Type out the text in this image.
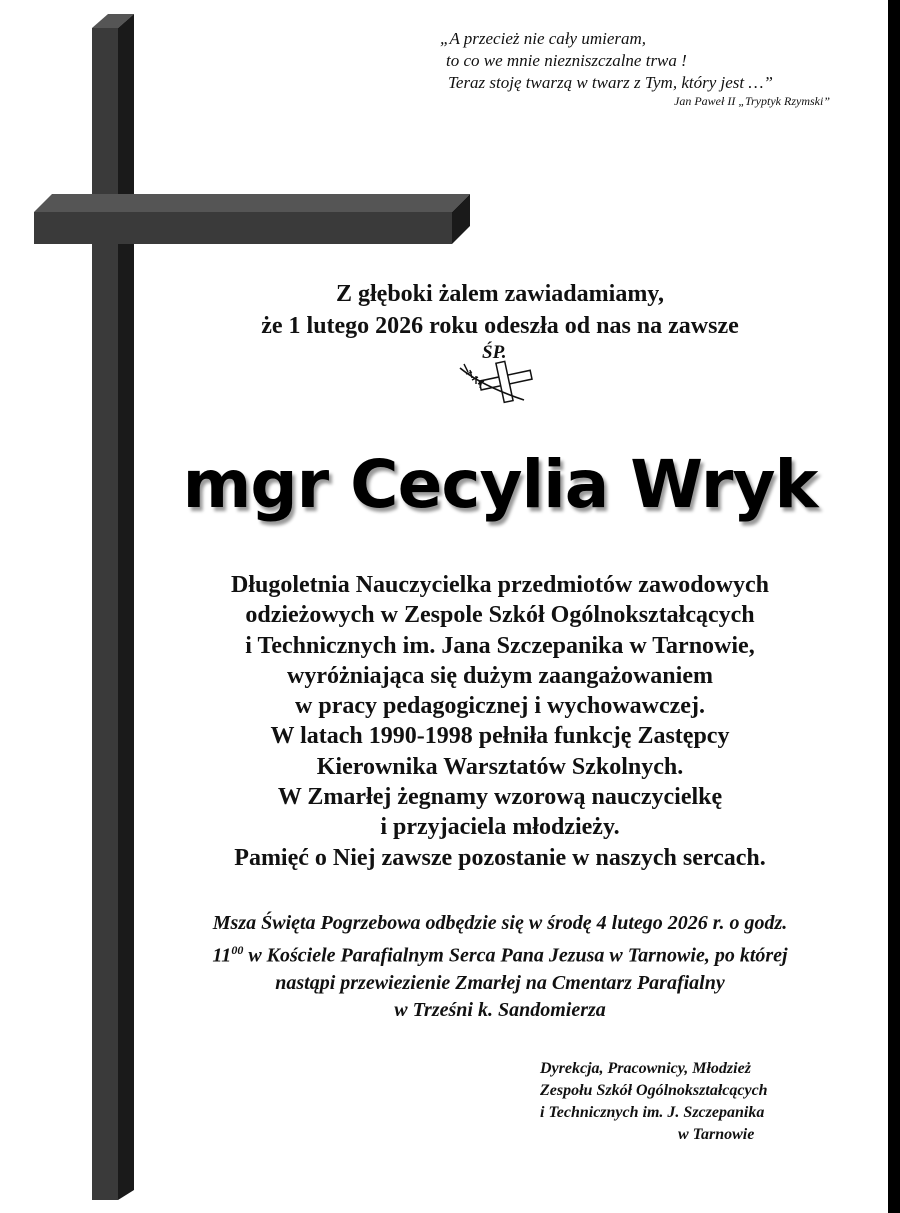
„A przecież nie cały umieram,
to co we mnie niezniszczalne trwa !
Teraz stoję twarzą w twarz z Tym, który jest …”
Jan Paweł II „Tryptyk Rzymski”
Z głęboki żalem zawiadamiamy,
że 1 lutego 2026 roku odeszła od nas na zawsze
ŚP.
mgr Cecylia Wryk
Długoletnia Nauczycielka przedmiotów zawodowych
odzieżowych w Zespole Szkół Ogólnokształcących
i Technicznych im. Jana Szczepanika w Tarnowie,
wyróżniająca się dużym zaangażowaniem
w pracy pedagogicznej i wychowawczej.
W latach 1990-1998 pełniła funkcję Zastępcy
Kierownika Warsztatów Szkolnych.
W Zmarłej żegnamy wzorową nauczycielkę
i przyjaciela młodzieży.
Pamięć o Niej zawsze pozostanie w naszych sercach.
Msza Święta Pogrzebowa odbędzie się w środę 4 lutego 2026 r. o godz.
$11^{00}$ w Kościele Parafialnym Serca Pana Jezusa w Tarnowie, po której
nastąpi przewiezienie Zmarłej na Cmentarz Parafialny
w Trześni k. Sandomierza
Dyrekcja, Pracownicy, Młodzież
Zespołu Szkół Ogólnokształcących
i Technicznych im. J. Szczepanika
w Tarnowie
